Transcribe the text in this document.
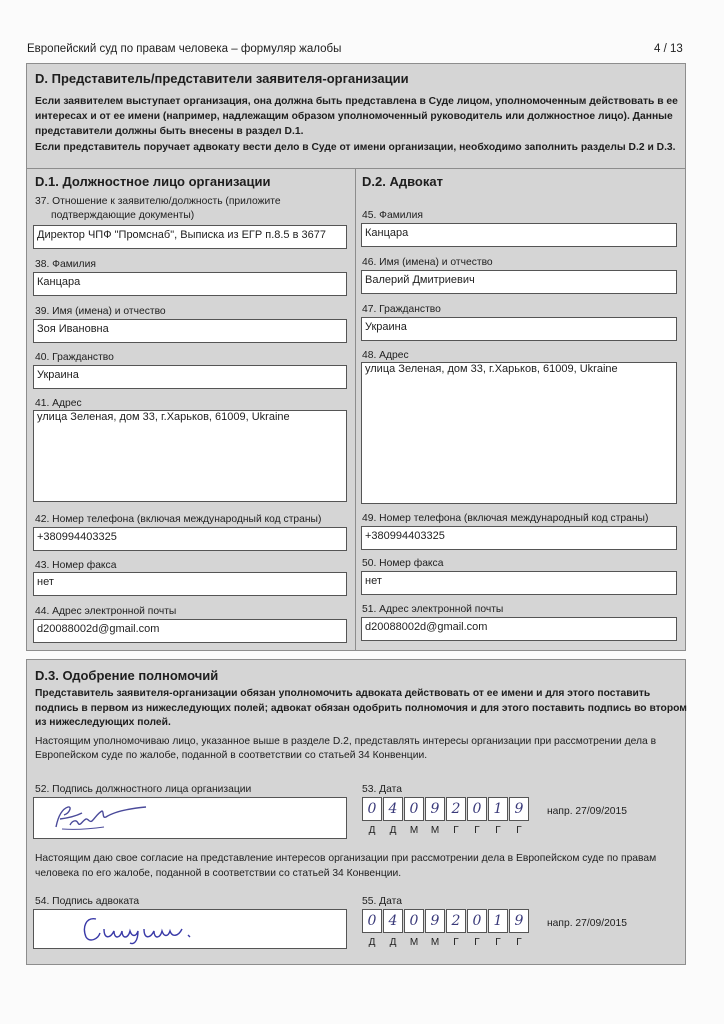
Европейский суд по правам человека – формуляр жалобы	4 / 13
D. Представитель/представители заявителя-организации
Если заявителем выступает организация, она должна быть представлена в Суде лицом, уполномоченным действовать в ее
интересах и от ее имени (например, надлежащим образом уполномоченный руководитель или должностное лицо). Данные
представители должны быть внесены в раздел D.1.
Если представитель поручает адвокату вести дело в Суде от имени организации, необходимо заполнить разделы D.2 и D.3.
D.1. Должностное лицо организации
37. Отношение к заявителю/должность (приложите
подтверждающие документы)
Директор ЧПФ "Промснаб", Выписка из ЕГР п.8.5 в 3677
38. Фамилия
Канцара
39. Имя (имена) и отчество
Зоя Ивановна
40. Гражданство
Украина
41. Адрес
улица Зеленая, дом 33, г.Харьков, 61009, Ukraine
42. Номер телефона (включая международный код страны)
+380994403325
43. Номер факса
нет
44. Адрес электронной почты
d20088002d@gmail.com
D.2. Адвокат
45. Фамилия
Канцара
46. Имя (имена) и отчество
Валерий Дмитриевич
47. Гражданство
Украина
48. Адрес
улица Зеленая, дом 33, г.Харьков, 61009, Ukraine
49. Номер телефона (включая международный код страны)
+380994403325
50. Номер факса
нет
51. Адрес электронной почты
d20088002d@gmail.com
D.3. Одобрение полномочий
Представитель заявителя-организации обязан уполномочить адвоката действовать от ее имени и для этого поставить
подпись в первом из нижеследующих полей; адвокат обязан одобрить полномочия и для этого поставить подпись во втором
из нижеследующих полей.
Настоящим уполномочиваю лицо, указанное выше в разделе D.2, представлять интересы организации при рассмотрении дела в
Европейском суде по жалобе, поданной в соответствии со статьей 34 Конвенции.
52. Подпись должностного лица организации	53. Дата
0 4 0 9 2 0 1 9
Д	Д	М	М	Г	Г	Г	Г
напр. 27/09/2015
Настоящим даю свое согласие на представление интересов организации при рассмотрении дела в Европейском суде по правам
человека по его жалобе, поданной в соответствии со статьей 34 Конвенции.
54. Подпись адвоката	55. Дата
0 4 0 9 2 0 1 9
Д	Д	М	М	Г	Г	Г	Г
напр. 27/09/2015
